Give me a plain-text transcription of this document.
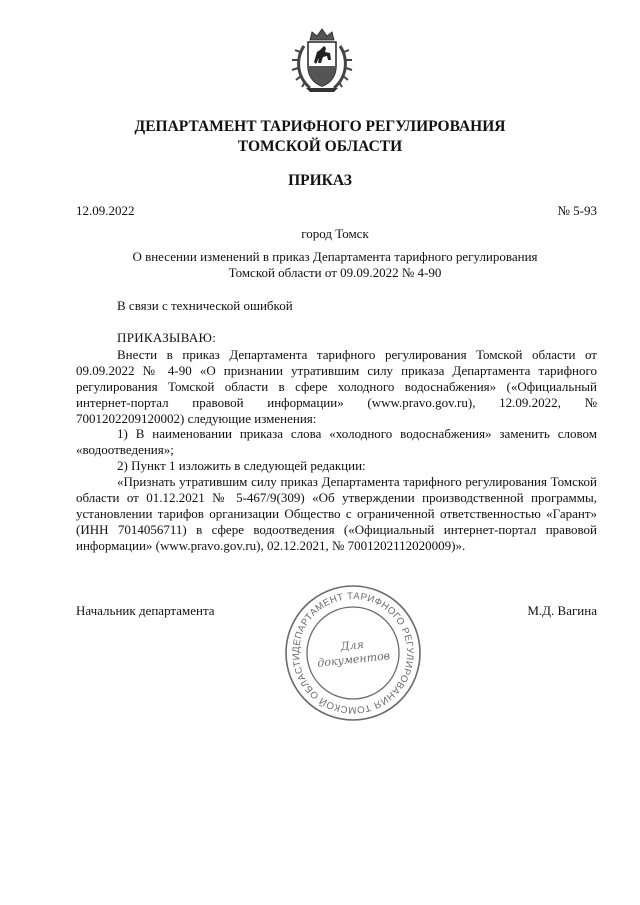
ДЕПАРТАМЕНТ ТАРИФНОГО РЕГУЛИРОВАНИЯ
ТОМСКОЙ ОБЛАСТИ
ПРИКАЗ
12.09.2022	№ 5-93
город Томск
О внесении изменений в приказ Департамента тарифного регулирования
Томской области от 09.09.2022 № 4-90
В связи с технической ошибкой

ПРИКАЗЫВАЮ:

Внести в приказ Департамента тарифного регулирования Томской области от 09.09.2022 № 4-90 «О признании утратившим силу приказа Департамента тарифного регулирования Томской области в сфере холодного водоснабжения» («Официальный интернет-портал правовой информации» (www.pravo.gov.ru), 12.09.2022, № 7001202209120002) следующие изменения:

1) В наименовании приказа слова «холодного водоснабжения» заменить словом «водоотведения»;

2) Пункт 1 изложить в следующей редакции:

«Признать утратившим силу приказ Департамента тарифного регулирования Томской области от 01.12.2021 № 5-467/9(309) «Об утверждении производственной программы, установлении тарифов организации Общество с ограниченной ответственностью «Гарант» (ИНН 7014056711) в сфере водоотведения («Официальный интернет-портал правовой информации» (www.pravo.gov.ru), 02.12.2021, № 7001202112020009)».

Начальник департамента	М.Д. Вагина
ДЕПАРТАМЕНТ ТАРИФНОГО РЕГУЛИРОВАНИЯ ТОМСКОЙ ОБЛАСТИ
Для
документов
